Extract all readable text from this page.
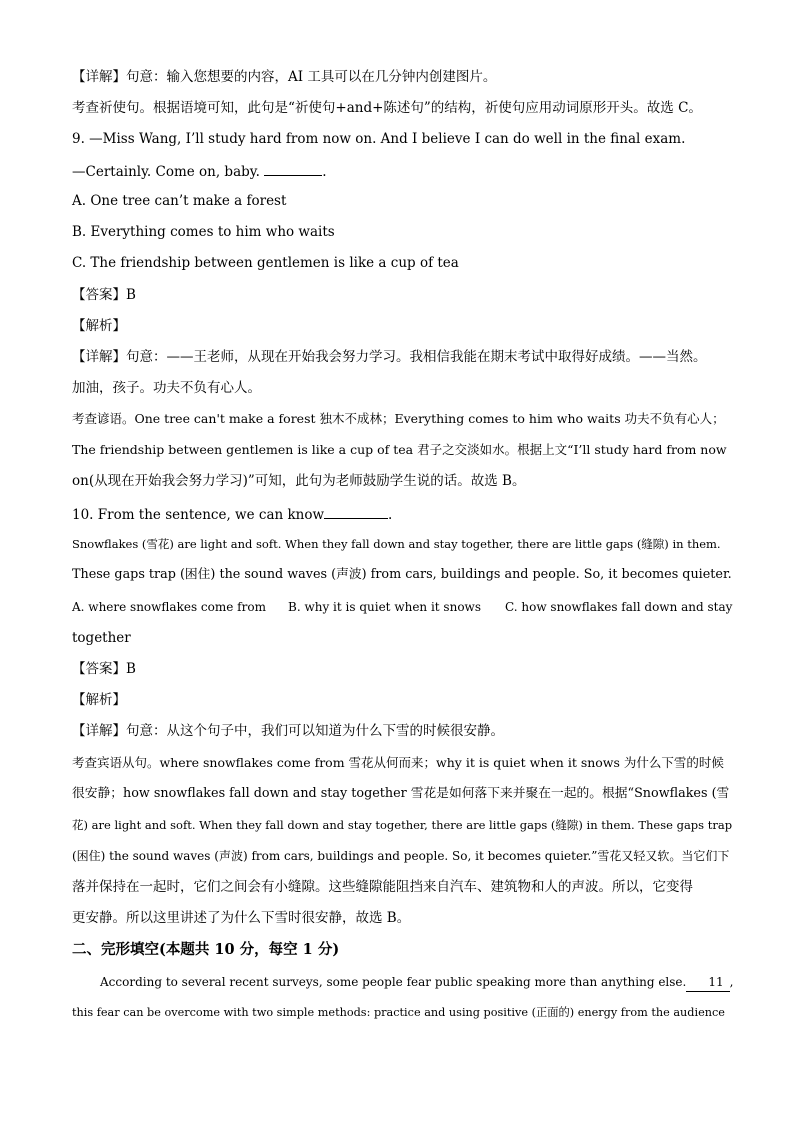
【详解】句意：输入您想要的内容，AI 工具可以在几分钟内创建图片。
考查祈使句。根据语境可知，此句是“祈使句+and+陈述句”的结构，祈使句应用动词原形开头。故选 C。
9. —Miss Wang, I’ll study hard from now on. And I believe I can do well in the final exam.
—Certainly. Come on, baby.	.
A. One tree can’t make a forest
B. Everything comes to him who waits
C. The friendship between gentlemen is like a cup of tea
【答案】B
【解析】
【详解】句意：——王老师，从现在开始我会努力学习。我相信我能在期末考试中取得好成绩。——当然。
加油，孩子。功夫不负有心人。
考查谚语。One tree can't make a forest 独木不成林；Everything comes to him who waits 功夫不负有心人；
The friendship between gentlemen is like a cup of tea 君子之交淡如水。根据上文“I’ll study hard from now
on(从现在开始我会努力学习)”可知，此句为老师鼓励学生说的话。故选 B。
10. From the sentence, we can know	.
Snowflakes (雪花) are light and soft. When they fall down and stay together, there are little gaps (缝隙) in them.
These gaps trap (困住) the sound waves (声波) from cars, buildings and people. So, it becomes quieter.
A. where snowflakes come from B. why it is quiet when it snows C. how snowflakes fall down and stay
together
【答案】B
【解析】
【详解】句意：从这个句子中，我们可以知道为什么下雪的时候很安静。
考查宾语从句。where snowflakes come from 雪花从何而来；why it is quiet when it snows 为什么下雪的时候
很安静；how snowflakes fall down and stay together 雪花是如何落下来并聚在一起的。根据“Snowflakes (雪
花) are light and soft. When they fall down and stay together, there are little gaps (缝隙) in them. These gaps trap
(困住) the sound waves (声波) from cars, buildings and people. So, it becomes quieter.”雪花又轻又软。当它们下
落并保持在一起时，它们之间会有小缝隙。这些缝隙能阻挡来自汽车、建筑物和人的声波。所以，它变得
更安静。所以这里讲述了为什么下雪时很安静，故选 B。
二、完形填空(本题共 10 分，每空 1 分)
According to several recent surveys, some people fear public speaking more than anything else. 11 ,
this fear can be overcome with two simple methods: practice and using positive (正面的) energy from the audience
